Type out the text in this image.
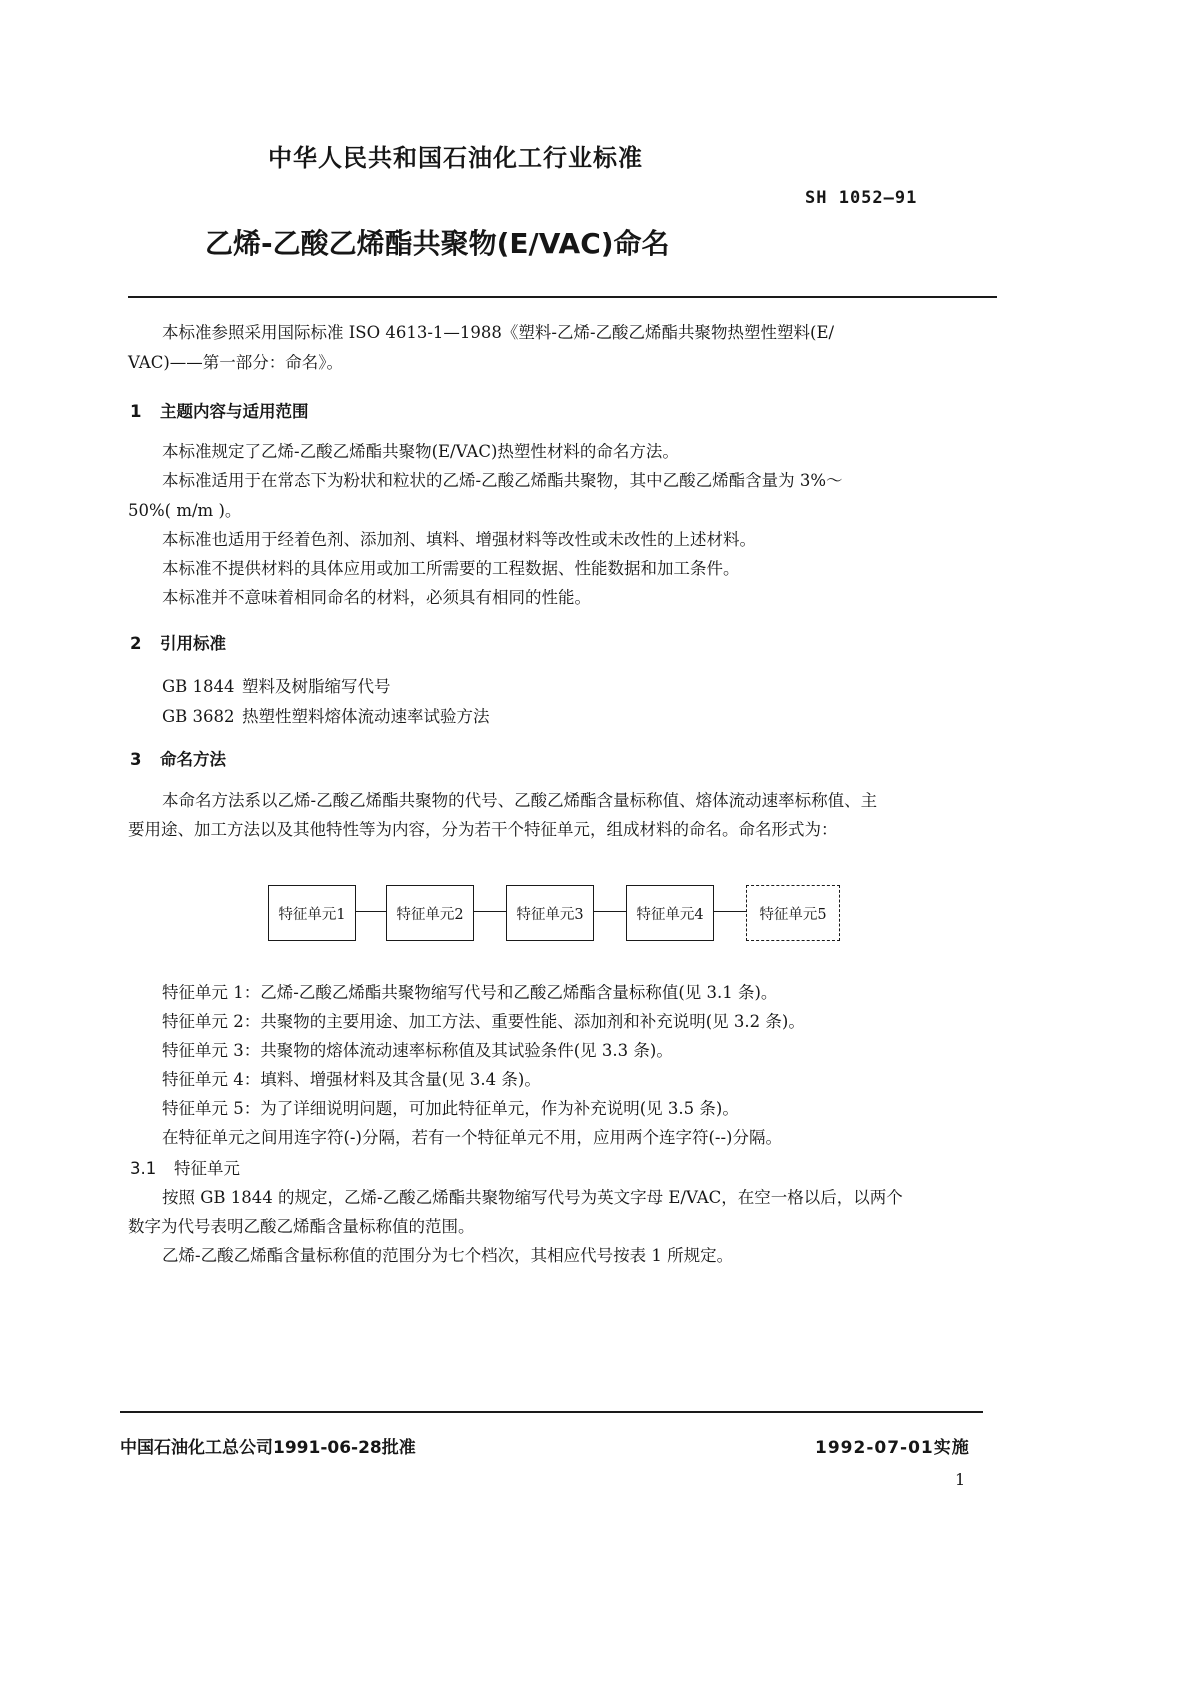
中华人民共和国石油化工行业标准
SH 1052—91
乙烯-乙酸乙烯酯共聚物(E/VAC)命名
本标准参照采用国际标准 ISO 4613-1—1988《塑料-乙烯-乙酸乙烯酯共聚物热塑性塑料(E/
VAC)——第一部分：命名》。
1 主题内容与适用范围
本标准规定了乙烯-乙酸乙烯酯共聚物(E/VAC)热塑性材料的命名方法。
本标准适用于在常态下为粉状和粒状的乙烯-乙酸乙烯酯共聚物，其中乙酸乙烯酯含量为 3%～
50%( m/m )。
本标准也适用于经着色剂、添加剂、填料、增强材料等改性或未改性的上述材料。
本标准不提供材料的具体应用或加工所需要的工程数据、性能数据和加工条件。
本标准并不意味着相同命名的材料，必须具有相同的性能。
2 引用标准
GB 1844 塑料及树脂缩写代号
GB 3682 热塑性塑料熔体流动速率试验方法
3 命名方法
本命名方法系以乙烯-乙酸乙烯酯共聚物的代号、乙酸乙烯酯含量标称值、熔体流动速率标称值、主
要用途、加工方法以及其他特性等为内容，分为若干个特征单元，组成材料的命名。命名形式为：
特征单元1	特征单元2	特征单元3	特征单元4	特征单元5
特征单元 1：乙烯-乙酸乙烯酯共聚物缩写代号和乙酸乙烯酯含量标称值(见 3.1 条)。
特征单元 2：共聚物的主要用途、加工方法、重要性能、添加剂和补充说明(见 3.2 条)。
特征单元 3：共聚物的熔体流动速率标称值及其试验条件(见 3.3 条)。
特征单元 4：填料、增强材料及其含量(见 3.4 条)。
特征单元 5：为了详细说明问题，可加此特征单元，作为补充说明(见 3.5 条)。
在特征单元之间用连字符(-)分隔，若有一个特征单元不用，应用两个连字符(--)分隔。
3.1 特征单元
按照 GB 1844 的规定，乙烯-乙酸乙烯酯共聚物缩写代号为英文字母 E/VAC，在空一格以后，以两个
数字为代号表明乙酸乙烯酯含量标称值的范围。
乙烯-乙酸乙烯酯含量标称值的范围分为七个档次，其相应代号按表 1 所规定。
中国石油化工总公司1991-06-28批准	1992-07-01实施
1
